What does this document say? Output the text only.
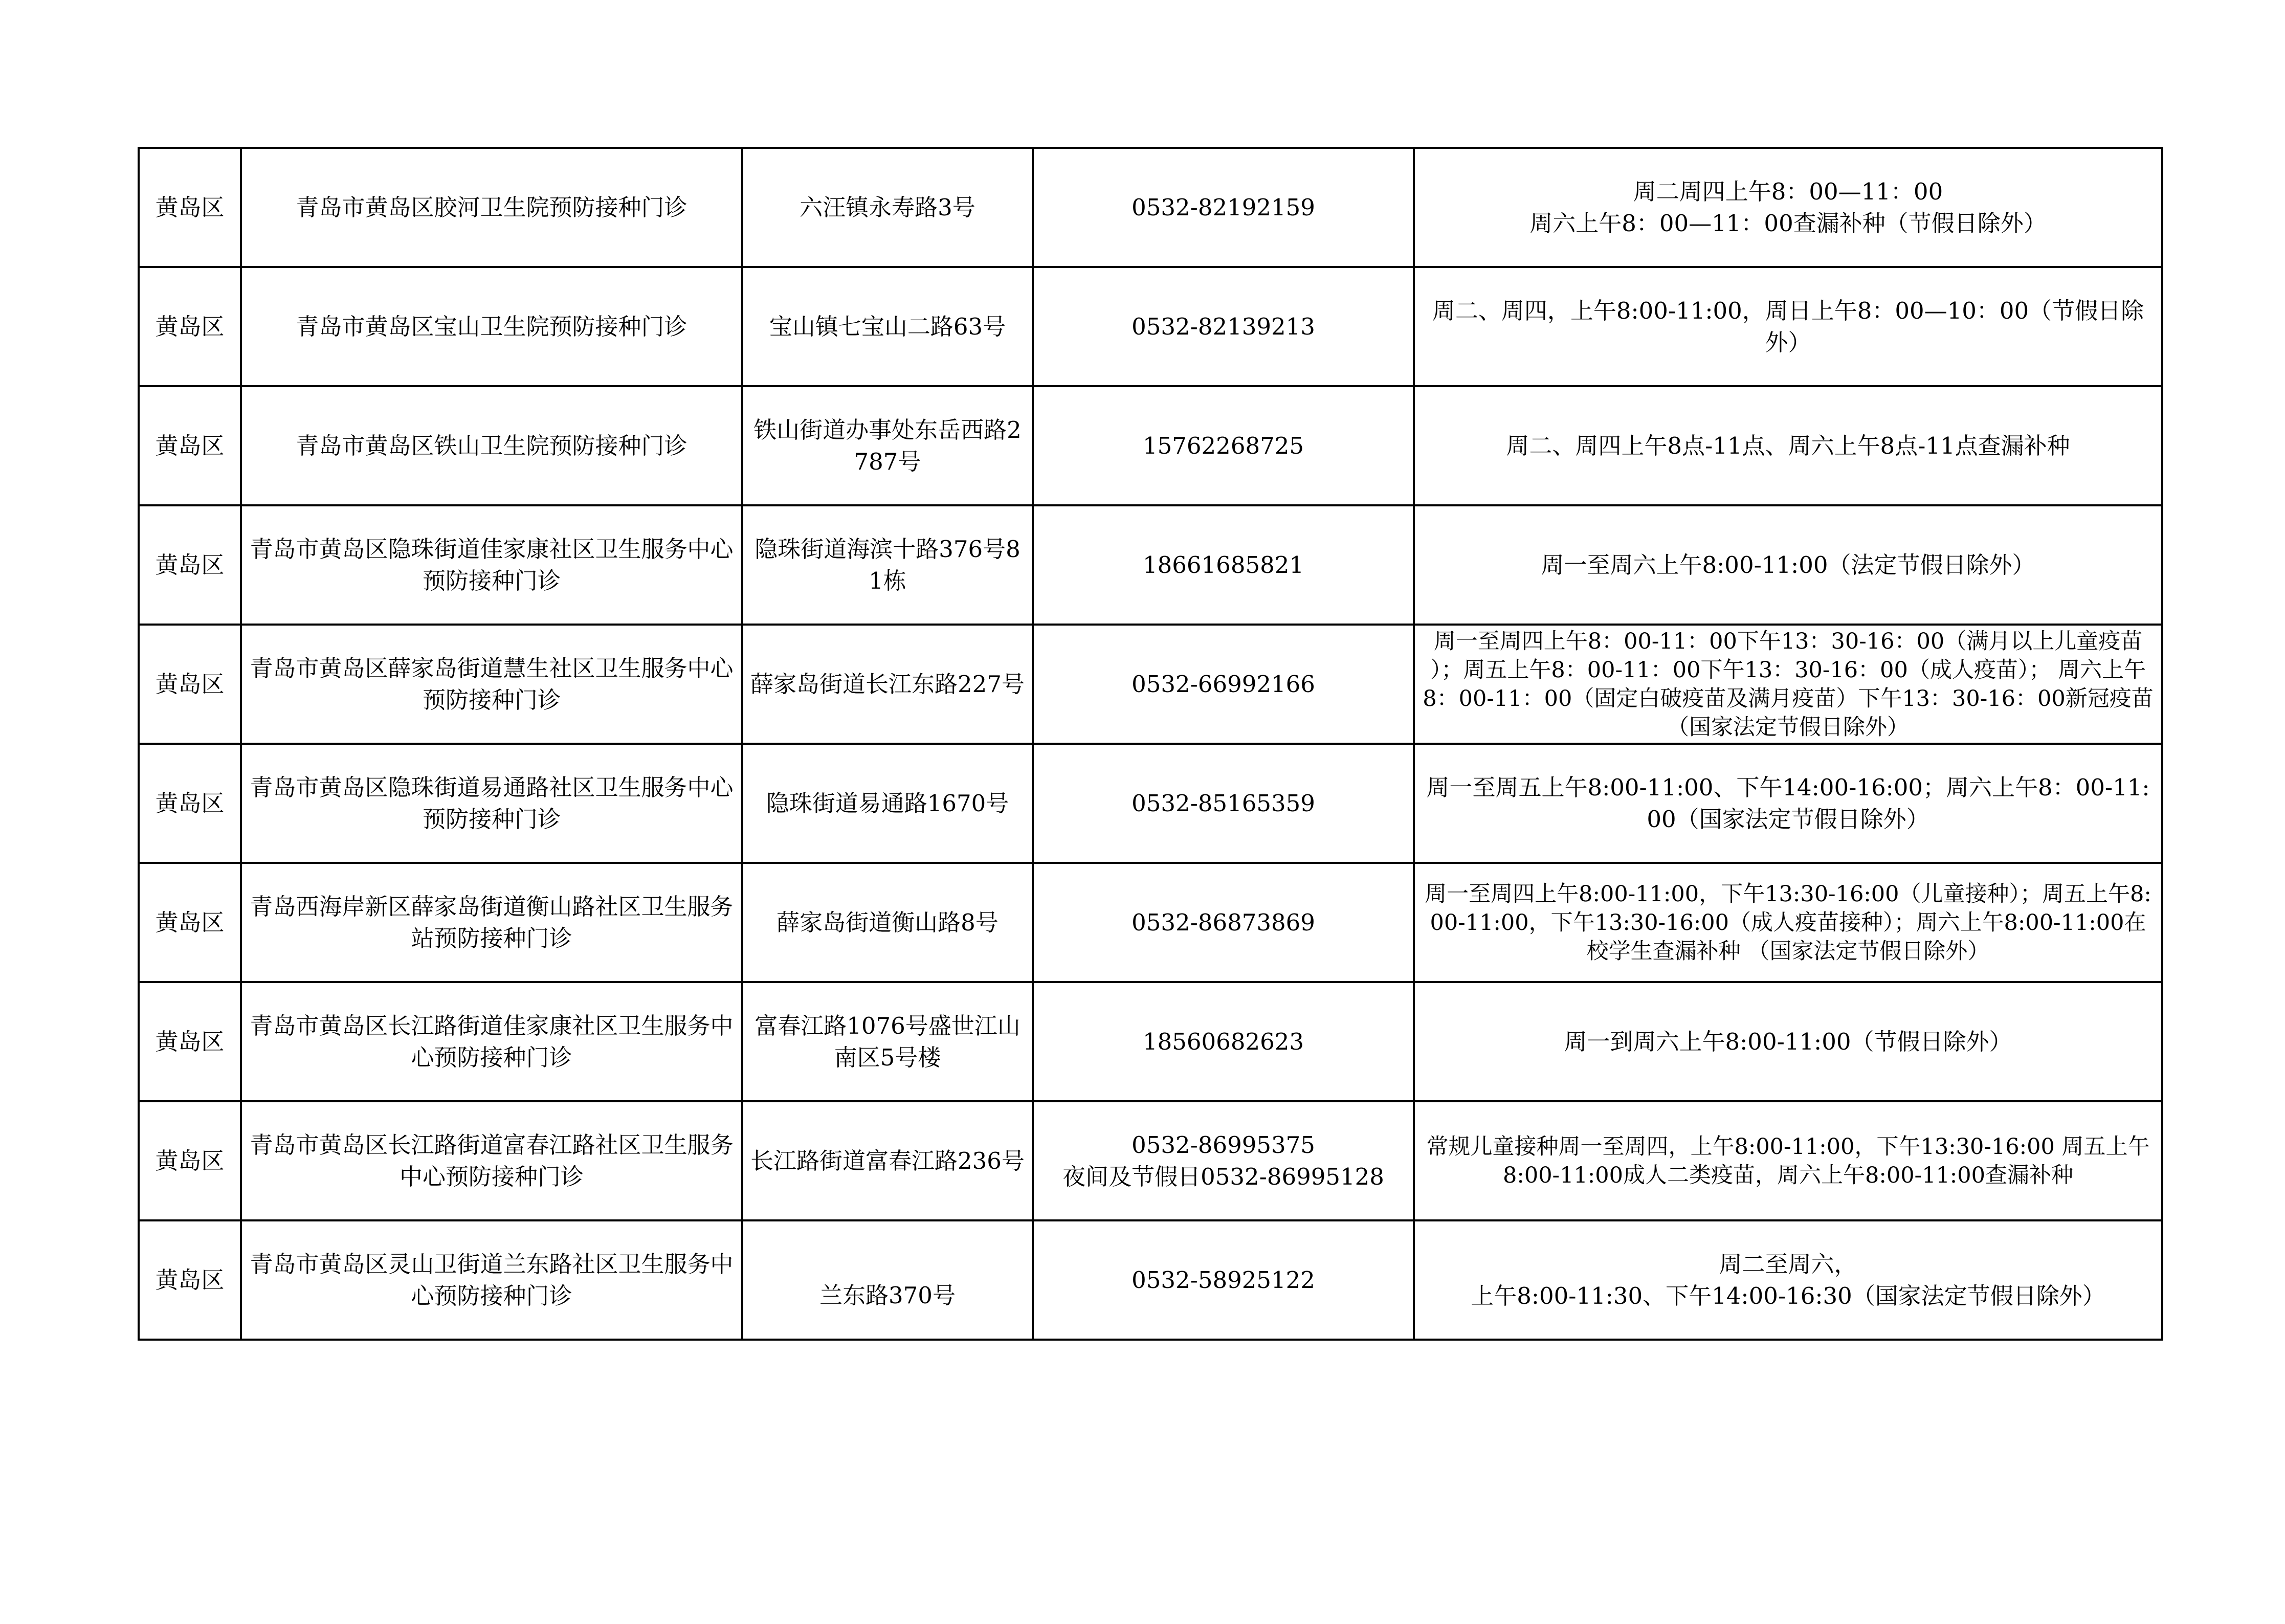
黄岛区	青岛市黄岛区胶河卫生院预防接种门诊	六汪镇永寿路3号	0532-82192159	周二周四上午8：00—11：00
周六上午8：00—11：00查漏补种（节假日除外）

黄岛区	青岛市黄岛区宝山卫生院预防接种门诊	宝山镇七宝山二路63号	0532-82139213	周二、周四，上午8:00-11:00，周日上午8：00—10：00（节假日除外）

黄岛区	青岛市黄岛区铁山卫生院预防接种门诊	铁山街道办事处东岳西路2787号	15762268725	周二、周四上午8点-11点、周六上午8点-11点查漏补种

黄岛区	青岛市黄岛区隐珠街道佳家康社区卫生服务中心预防接种门诊	隐珠街道海滨十路376号81栋	18661685821	周一至周六上午8:00-11:00（法定节假日除外）

黄岛区	青岛市黄岛区薛家岛街道慧生社区卫生服务中心预防接种门诊	薛家岛街道长江东路227号	0532-66992166	周一至周四上午8：00-11：00下午13：30-16：00（满月以上儿童疫苗 ）；周五上午8：00-11：00下午13：30-16：00（成人疫苗）； 周六上午8：00-11：00（固定白破疫苗及满月疫苗）下午13：30-16：00新冠疫苗（国家法定节假日除外）

黄岛区	青岛市黄岛区隐珠街道易通路社区卫生服务中心预防接种门诊	隐珠街道易通路1670号	0532-85165359	周一至周五上午8:00-11:00、下午14:00-16:00；周六上午8：00-11:00（国家法定节假日除外）

黄岛区	青岛西海岸新区薛家岛街道衡山路社区卫生服务站预防接种门诊	薛家岛街道衡山路8号	0532-86873869	周一至周四上午8:00-11:00，下午13:30-16:00（儿童接种）；周五上午8:00-11:00，下午13:30-16:00（成人疫苗接种）；周六上午8:00-11:00在校学生查漏补种 （国家法定节假日除外）

黄岛区	青岛市黄岛区长江路街道佳家康社区卫生服务中心预防接种门诊	富春江路1076号盛世江山南区5号楼	18560682623	周一到周六上午8:00-11:00（节假日除外）

黄岛区	青岛市黄岛区长江路街道富春江路社区卫生服务中心预防接种门诊	长江路街道富春江路236号	0532-86995375
夜间及节假日0532-86995128	常规儿童接种周一至周四，上午8:00-11:00，下午13:30-16:00 周五上午8:00-11:00成人二类疫苗，周六上午8:00-11:00查漏补种

黄岛区	青岛市黄岛区灵山卫街道兰东路社区卫生服务中心预防接种门诊	兰东路370号	0532-58925122	周二至周六，
上午8:00-11:30、下午14:00-16:30（国家法定节假日除外）
